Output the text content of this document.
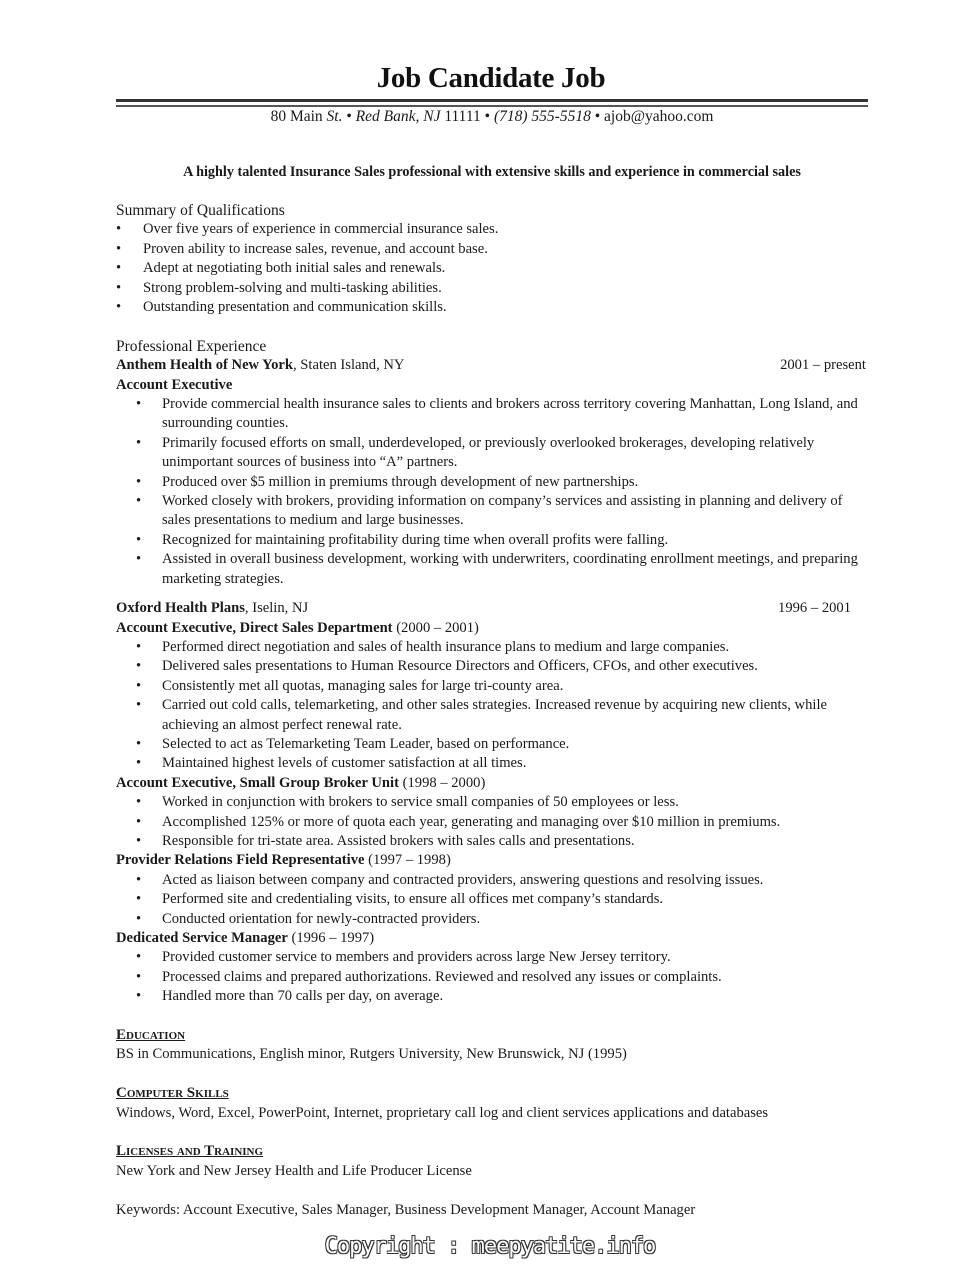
Job Candidate Job
80 Main St. • Red Bank, NJ 11111 • (718) 555-5518 • ajob@yahoo.com
A highly talented Insurance Sales professional with extensive skills and experience in commercial sales
Summary of Qualifications
• Over five years of experience in commercial insurance sales.
• Proven ability to increase sales, revenue, and account base.
• Adept at negotiating both initial sales and renewals.
• Strong problem-solving and multi-tasking abilities.
• Outstanding presentation and communication skills.
Professional Experience
Anthem Health of New York, Staten Island, NY	2001 – present
Account Executive
• Provide commercial health insurance sales to clients and brokers across territory covering Manhattan, Long Island, and surrounding counties.
• Primarily focused efforts on small, underdeveloped, or previously overlooked brokerages, developing relatively unimportant sources of business into “A” partners.
• Produced over $5 million in premiums through development of new partnerships.
• Worked closely with brokers, providing information on company’s services and assisting in planning and delivery of sales presentations to medium and large businesses.
• Recognized for maintaining profitability during time when overall profits were falling.
• Assisted in overall business development, working with underwriters, coordinating enrollment meetings, and preparing marketing strategies.
Oxford Health Plans, Iselin, NJ	1996 – 2001
Account Executive, Direct Sales Department (2000 – 2001)
• Performed direct negotiation and sales of health insurance plans to medium and large companies.
• Delivered sales presentations to Human Resource Directors and Officers, CFOs, and other executives.
• Consistently met all quotas, managing sales for large tri-county area.
• Carried out cold calls, telemarketing, and other sales strategies. Increased revenue by acquiring new clients, while achieving an almost perfect renewal rate.
• Selected to act as Telemarketing Team Leader, based on performance.
• Maintained highest levels of customer satisfaction at all times.
Account Executive, Small Group Broker Unit (1998 – 2000)
• Worked in conjunction with brokers to service small companies of 50 employees or less.
• Accomplished 125% or more of quota each year, generating and managing over $10 million in premiums.
• Responsible for tri-state area. Assisted brokers with sales calls and presentations.
Provider Relations Field Representative (1997 – 1998)
• Acted as liaison between company and contracted providers, answering questions and resolving issues.
• Performed site and credentialing visits, to ensure all offices met company’s standards.
• Conducted orientation for newly-contracted providers.
Dedicated Service Manager (1996 – 1997)
• Provided customer service to members and providers across large New Jersey territory.
• Processed claims and prepared authorizations. Reviewed and resolved any issues or complaints.
• Handled more than 70 calls per day, on average.
Education
BS in Communications, English minor, Rutgers University, New Brunswick, NJ (1995)
Computer Skills
Windows, Word, Excel, PowerPoint, Internet, proprietary call log and client services applications and databases
Licenses and Training
New York and New Jersey Health and Life Producer License
Keywords: Account Executive, Sales Manager, Business Development Manager, Account Manager
Copyright : meepyatite.info
